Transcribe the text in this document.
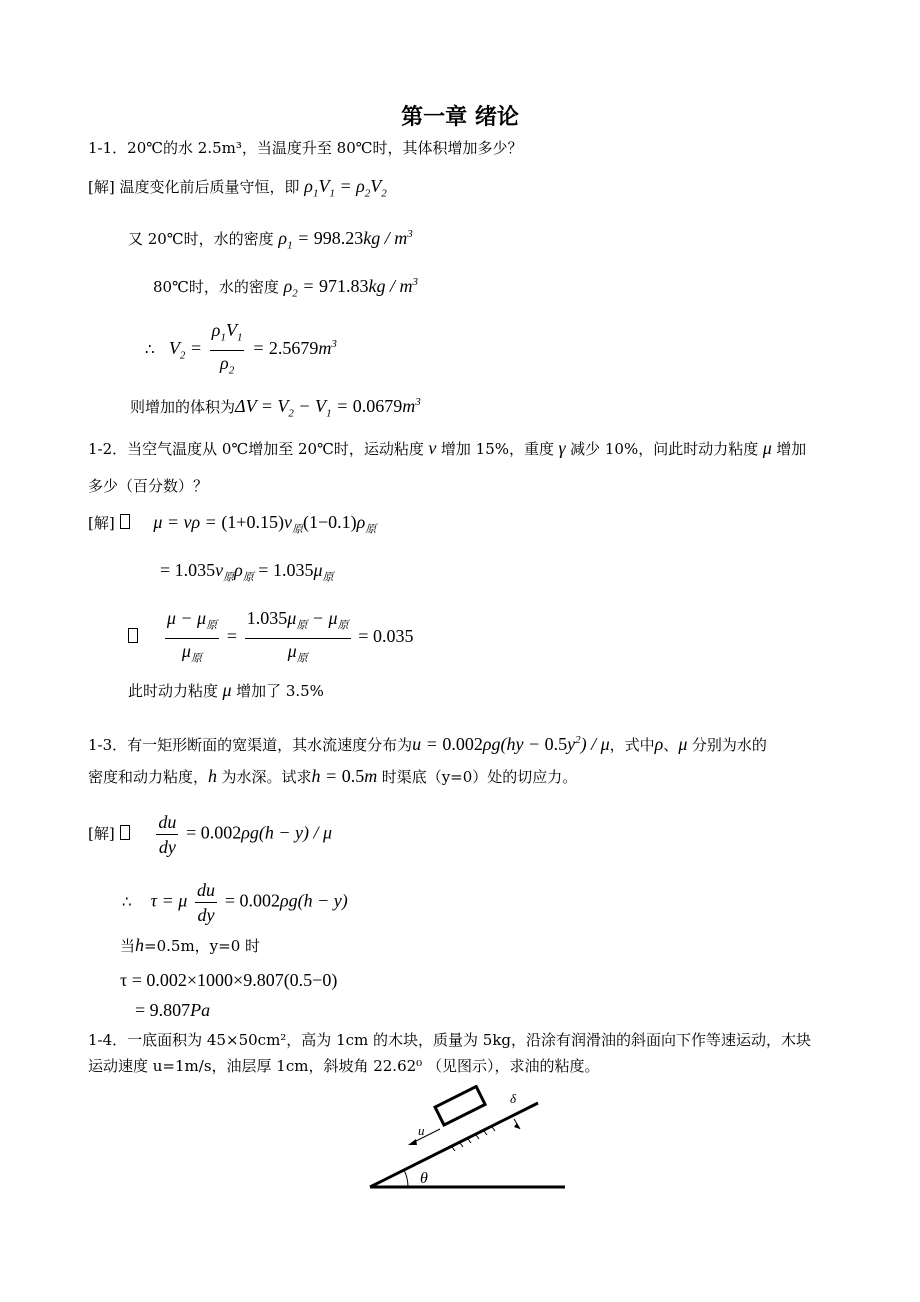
第一章 绪论
1-1．20℃的水 2.5m³，当温度升至 80℃时，其体积增加多少？
[解] 温度变化前后质量守恒，即 $\rho_1V_1 = \rho_2V_2$
又 20℃时，水的密度 $\rho_1 = 998.23kg / m^3$
80℃时，水的密度 $\rho_2 = 971.83kg / m^3$
∴ $V_2 = \frac{\rho_1V_1}{\rho_2} = 2.5679m^3$
则增加的体积为$\Delta V = V_2 - V_1 = 0.0679m^3$
1-2．当空气温度从 0℃增加至 20℃时，运动粘度 ν 增加 15%，重度 γ 减少 10%，问此时动力粘度 μ 增加
多少（百分数）？
[解] $\mu = \nu\rho = (1+0.15)\nu_原(1-0.1)\rho_原$
= $1.035\nu_原\rho_原 = 1.035\mu_原$

$\frac{\mu - \mu_原}{\mu_原} = \frac{1.035\mu_原 - \mu_原}{\mu_原} = 0.035$
此时动力粘度 μ 增加了 3.5%
1-3．有一矩形断面的宽渠道，其水流速度分布为$u = 0.002\rho g(hy - 0.5y^2) / \mu$，式中ρ、μ 分别为水的
密度和动力粘度，h 为水深。试求h = 0.5m 时渠底（y=0）处的切应力。
[解] $\frac{du}{dy} = 0.002\rho g(h - y) / \mu$
∴ τ = μ $\frac{du}{dy} = 0.002\rho g(h - y)$
当h=0.5m，y=0 时
τ = 0.002×1000×9.807(0.5−0)
= 9.807Pa
1-4．一底面积为 45×50cm²，高为 1cm 的木块，质量为 5kg，沿涂有润滑油的斜面向下作等速运动，木块
运动速度 u=1m/s，油层厚 1cm，斜坡角 22.62⁰ （见图示），求油的粘度。
θ
δ
u
